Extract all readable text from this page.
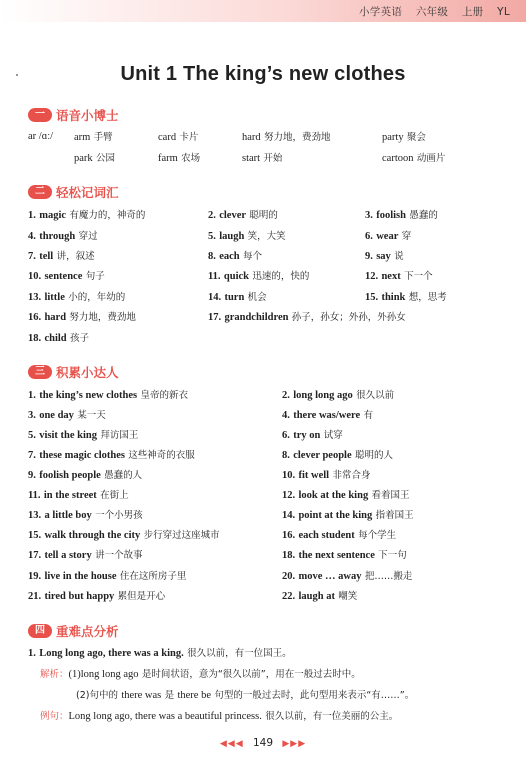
小学英语 六年级 上册 YL
Unit 1 The king’s new clothes
一 语音小博士
ar /ɑː/ arm 手臂	card 卡片	hard 努力地，费劲地	party 聚会
park 公园	farm 农场	start 开始	cartoon 动画片
二 轻松记词汇
1. magic 有魔力的，神奇的	2. clever 聪明的	3. foolish 愚蠢的
4. through 穿过	5. laugh 笑，大笑	6. wear 穿
7. tell 讲，叙述	8. each 每个	9. say 说
10. sentence 句子	11. quick 迅速的，快的	12. next 下一个
13. little 小的，年幼的	14. turn 机会	15. think 想，思考
16. hard 努力地，费劲地	17. grandchildren 孙子，孙女；外孙，外孙女
18. child 孩子
三 积累小达人
1. the king’s new clothes 皇帝的新衣	2. long long ago 很久以前
3. one day 某一天	4. there was/were 有
5. visit the king 拜访国王	6. try on 试穿
7. these magic clothes 这些神奇的衣服	8. clever people 聪明的人
9. foolish people 愚蠢的人	10. fit well 非常合身
11. in the street 在街上	12. look at the king 看着国王
13. a little boy 一个小男孩	14. point at the king 指着国王
15. walk through the city 步行穿过这座城市	16. each student 每个学生
17. tell a story 讲一个故事	18. the next sentence 下一句
19. live in the house 住在这所房子里	20. move … away 把……搬走
21. tired but happy 累但是开心	22. laugh at 嘲笑
四 重难点分析
1. Long long ago, there was a king. 很久以前，有一位国王。
解析：(1)long long ago 是时间状语，意为“很久以前”，用在一般过去时中。
(2)句中的 there was 是 there be 句型的一般过去时，此句型用来表示“有……”。
例句：Long long ago, there was a beautiful princess. 很久以前，有一位美丽的公主。
◀◀◀ 149 ▶▶▶
